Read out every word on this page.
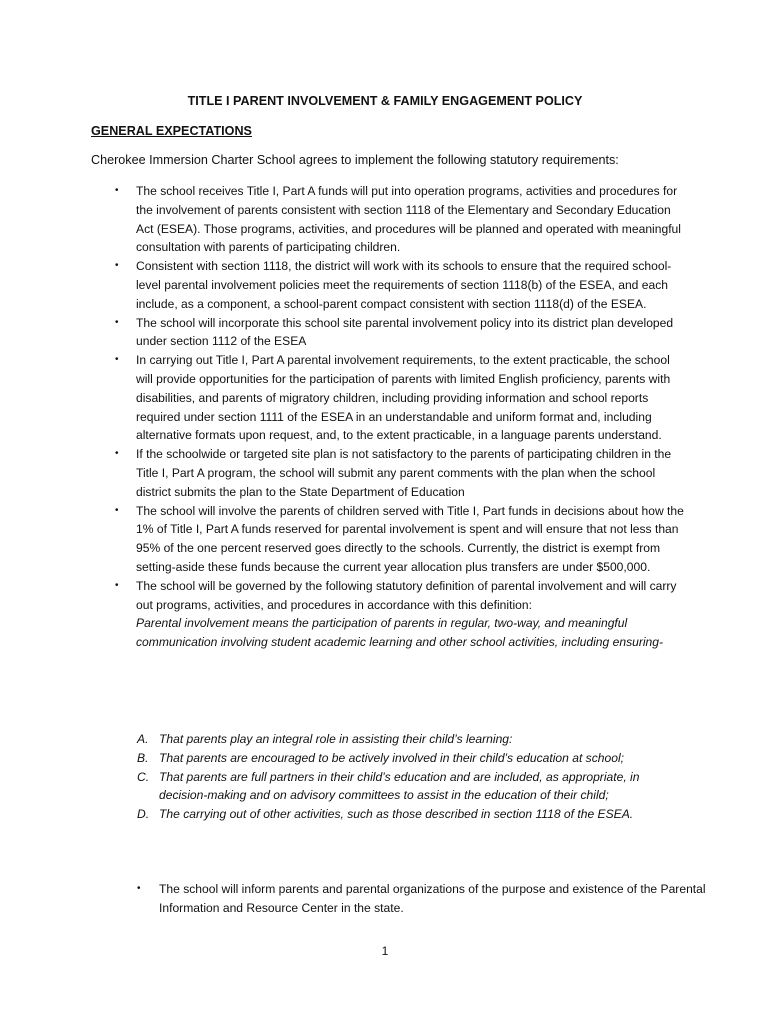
TITLE I PARENT INVOLVEMENT & FAMILY ENGAGEMENT POLICY
GENERAL EXPECTATIONS
Cherokee Immersion Charter School agrees to implement the following statutory requirements:
• The school receives Title I, Part A funds will put into operation programs, activities and procedures for the involvement of parents consistent with section 1118 of the Elementary and Secondary Education Act (ESEA). Those programs, activities, and procedures will be planned and operated with meaningful consultation with parents of participating children.
• Consistent with section 1118, the district will work with its schools to ensure that the required school-level parental involvement policies meet the requirements of section 1118(b) of the ESEA, and each include, as a component, a school-parent compact consistent with section 1118(d) of the ESEA.
• The school will incorporate this school site parental involvement policy into its district plan developed under section 1112 of the ESEA
• In carrying out Title I, Part A parental involvement requirements, to the extent practicable, the school will provide opportunities for the participation of parents with limited English proficiency, parents with disabilities, and parents of migratory children, including providing information and school reports required under section 1111 of the ESEA in an understandable and uniform format and, including alternative formats upon request, and, to the extent practicable, in a language parents understand.
• If the schoolwide or targeted site plan is not satisfactory to the parents of participating children in the Title I, Part A program, the school will submit any parent comments with the plan when the school district submits the plan to the State Department of Education
• The school will involve the parents of children served with Title I, Part funds in decisions about how the 1% of Title I, Part A funds reserved for parental involvement is spent and will ensure that not less than 95% of the one percent reserved goes directly to the schools. Currently, the district is exempt from setting-aside these funds because the current year allocation plus transfers are under $500,000.
• The school will be governed by the following statutory definition of parental involvement and will carry out programs, activities, and procedures in accordance with this definition:
Parental involvement means the participation of parents in regular, two-way, and meaningful communication involving student academic learning and other school activities, including ensuring-
A. That parents play an integral role in assisting their child’s learning:
B. That parents are encouraged to be actively involved in their child’s education at school;
C. That parents are full partners in their child’s education and are included, as appropriate, in decision-making and on advisory committees to assist in the education of their child;
D. The carrying out of other activities, such as those described in section 1118 of the ESEA.
• The school will inform parents and parental organizations of the purpose and existence of the Parental Information and Resource Center in the state.
1
